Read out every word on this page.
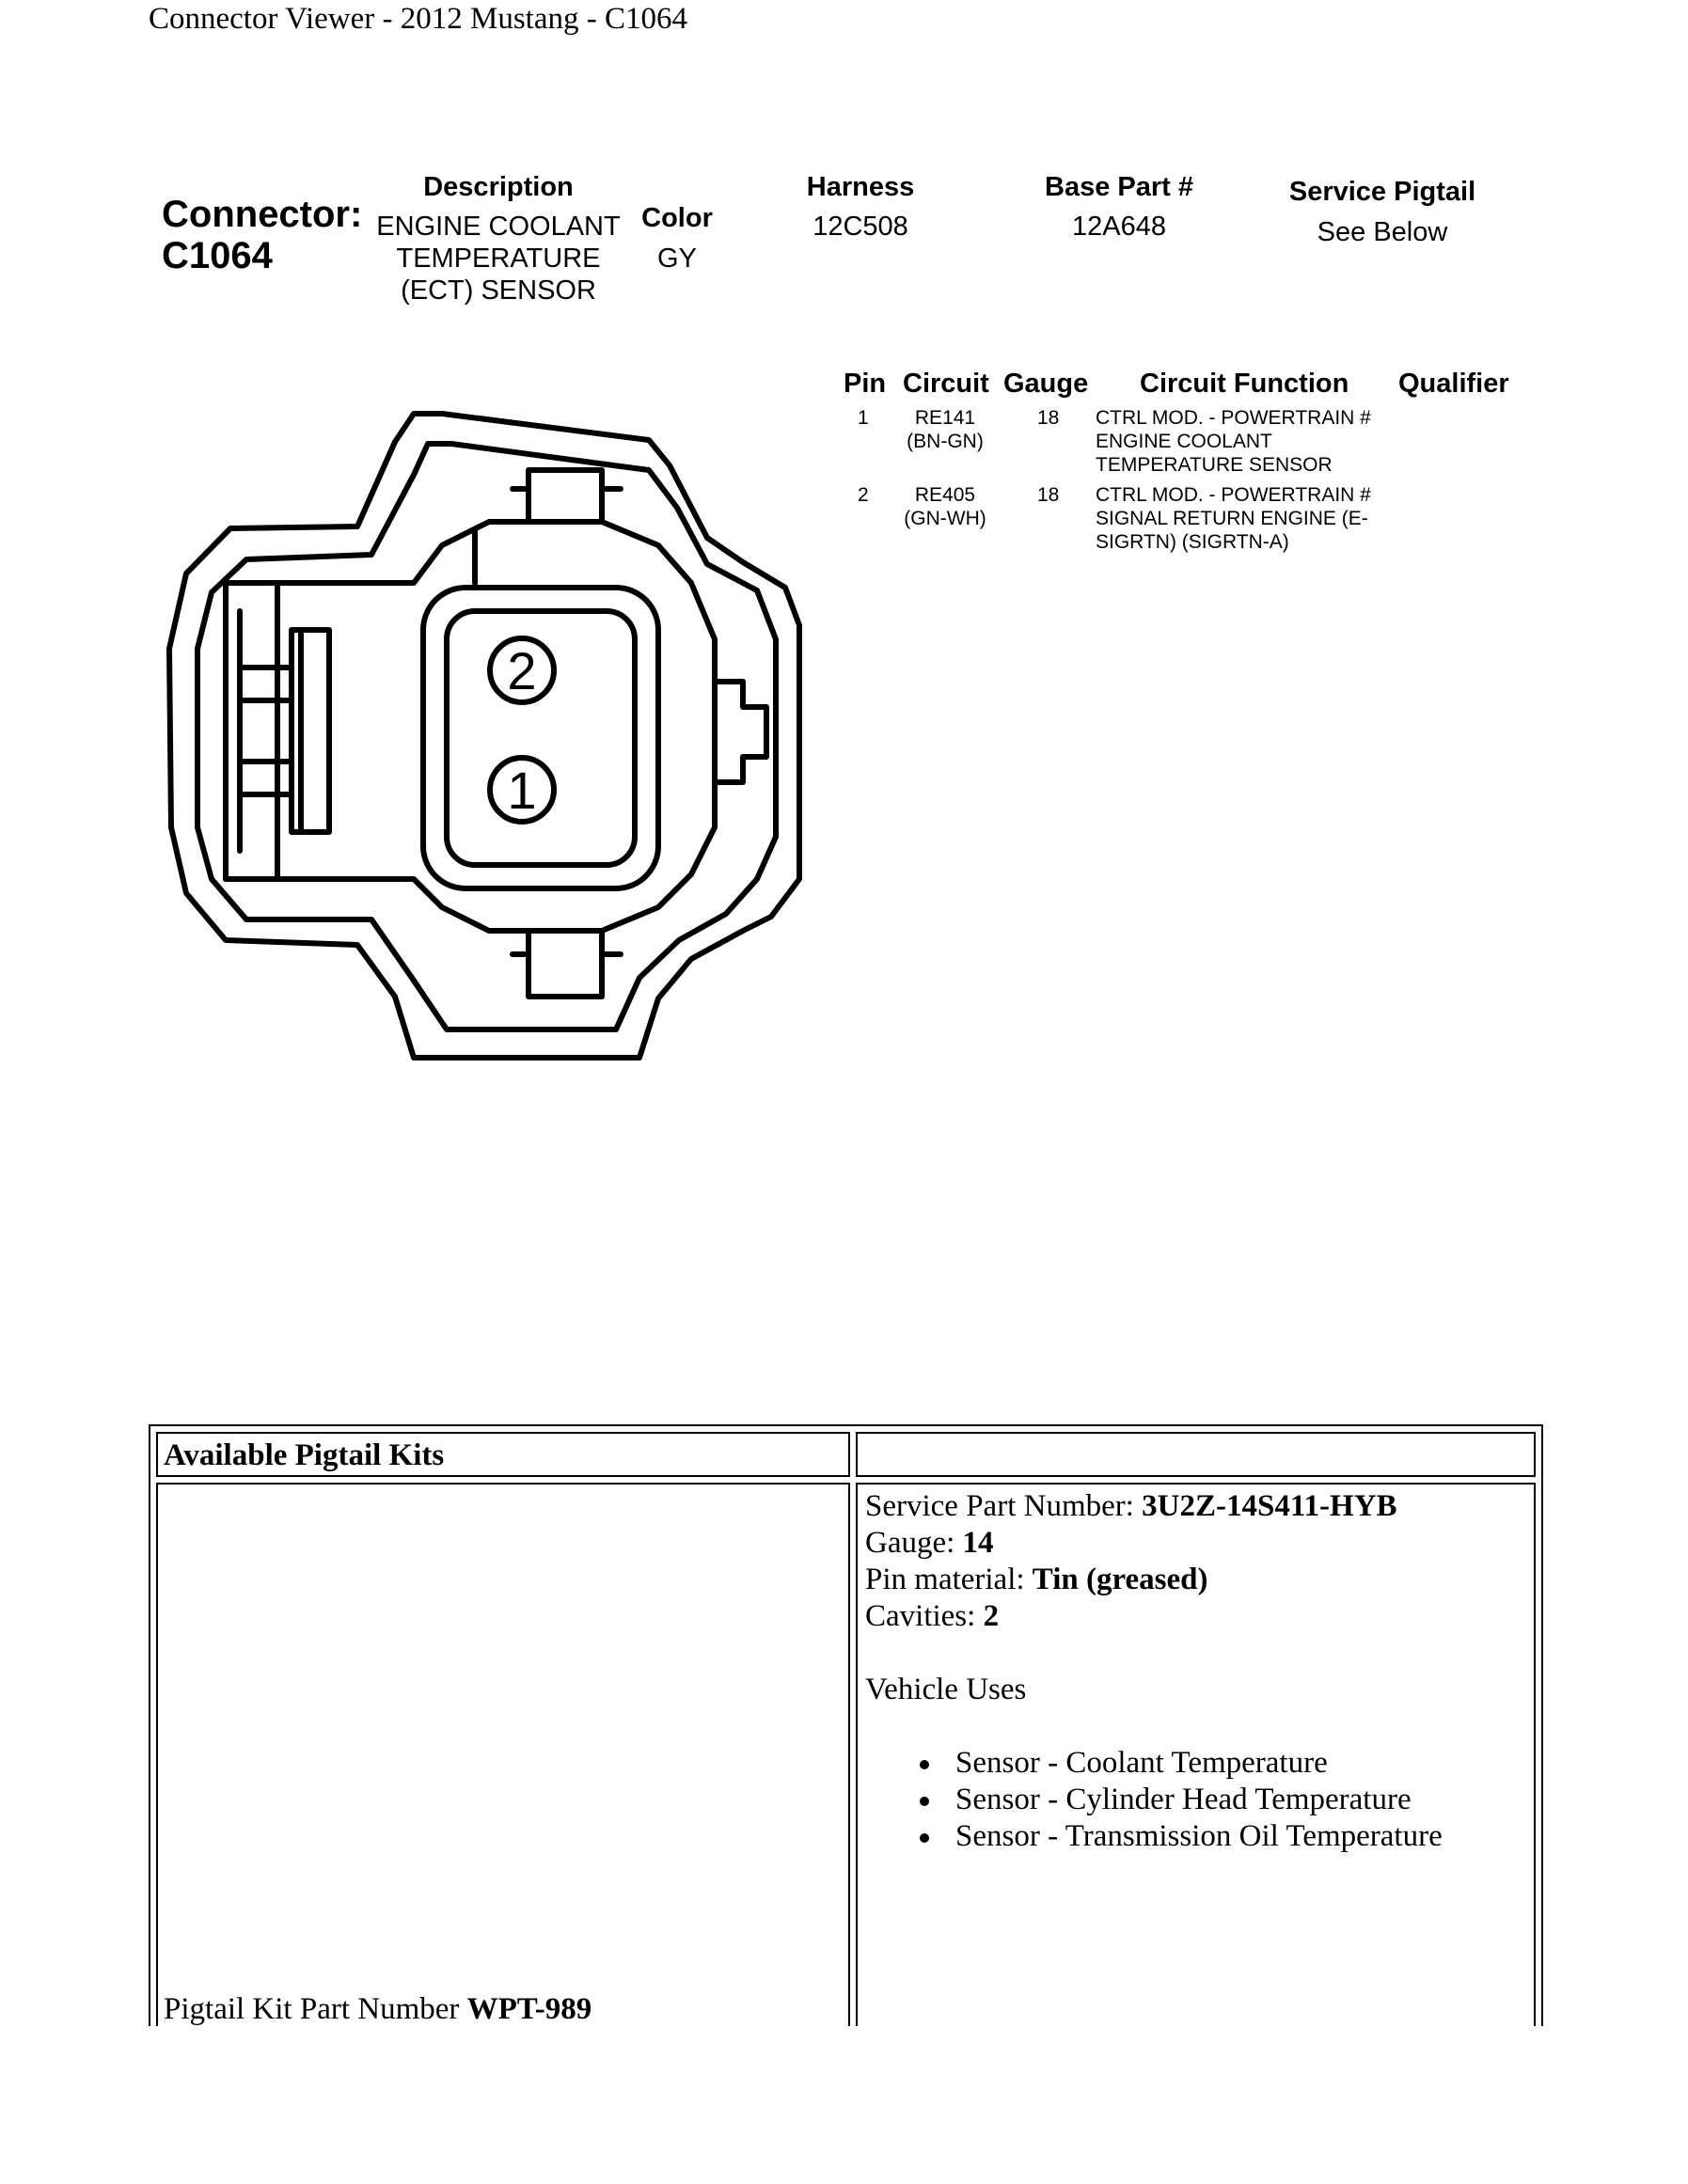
Connector Viewer - 2012 Mustang - C1064
Connector:
C1064
Description
ENGINE COOLANT
TEMPERATURE
(ECT) SENSOR
Color
GY
Harness
12C508
Base Part #
12A648
Service Pigtail
See Below
Pin Circuit Gauge Circuit Function Qualifier
1	RE141
(BN-GN)
18 CTRL MOD. - POWERTRAIN #
ENGINE COOLANT
TEMPERATURE SENSOR
2	RE405
(GN-WH)
18 CTRL MOD. - POWERTRAIN #
SIGNAL RETURN ENGINE (E-
SIGRTN) (SIGRTN-A)
2
1
Available Pigtail Kits
Pigtail Kit Part Number WPT-989
Service Part Number: 3U2Z-14S411-HYB
Gauge: 14
Pin material: Tin (greased)
Cavities: 2
Vehicle Uses
Sensor - Coolant Temperature
Sensor - Cylinder Head Temperature
Sensor - Transmission Oil Temperature
